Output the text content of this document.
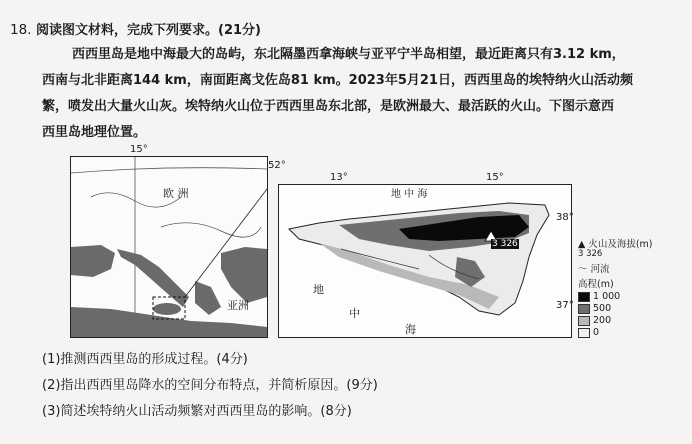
18. 阅读图文材料，完成下列要求。(21分)
西西里岛是地中海最大的岛屿，东北隔墨西拿海峡与亚平宁半岛相望，最近距离只有3.12 km，
西南与北非距离144 km，南面距离戈佐岛81 km。2023年5月21日，西西里岛的埃特纳火山活动频
繁，喷发出大量火山灰。埃特纳火山位于西西里岛东北部，是欧洲最大、最活跃的火山。下图示意西
西里岛地理位置。
欧 洲
亚洲
15°
52°
地 中 海
地
中
海
3 326
13°	15°
38°
37°
▲ 火山及海拔(m)
3 326
〜 河流
高程(m)
1 000
500
200
0
(1)推测西西里岛的形成过程。(4分)
(2)指出西西里岛降水的空间分布特点，并简析原因。(9分)
(3)简述埃特纳火山活动频繁对西西里岛的影响。(8分)
